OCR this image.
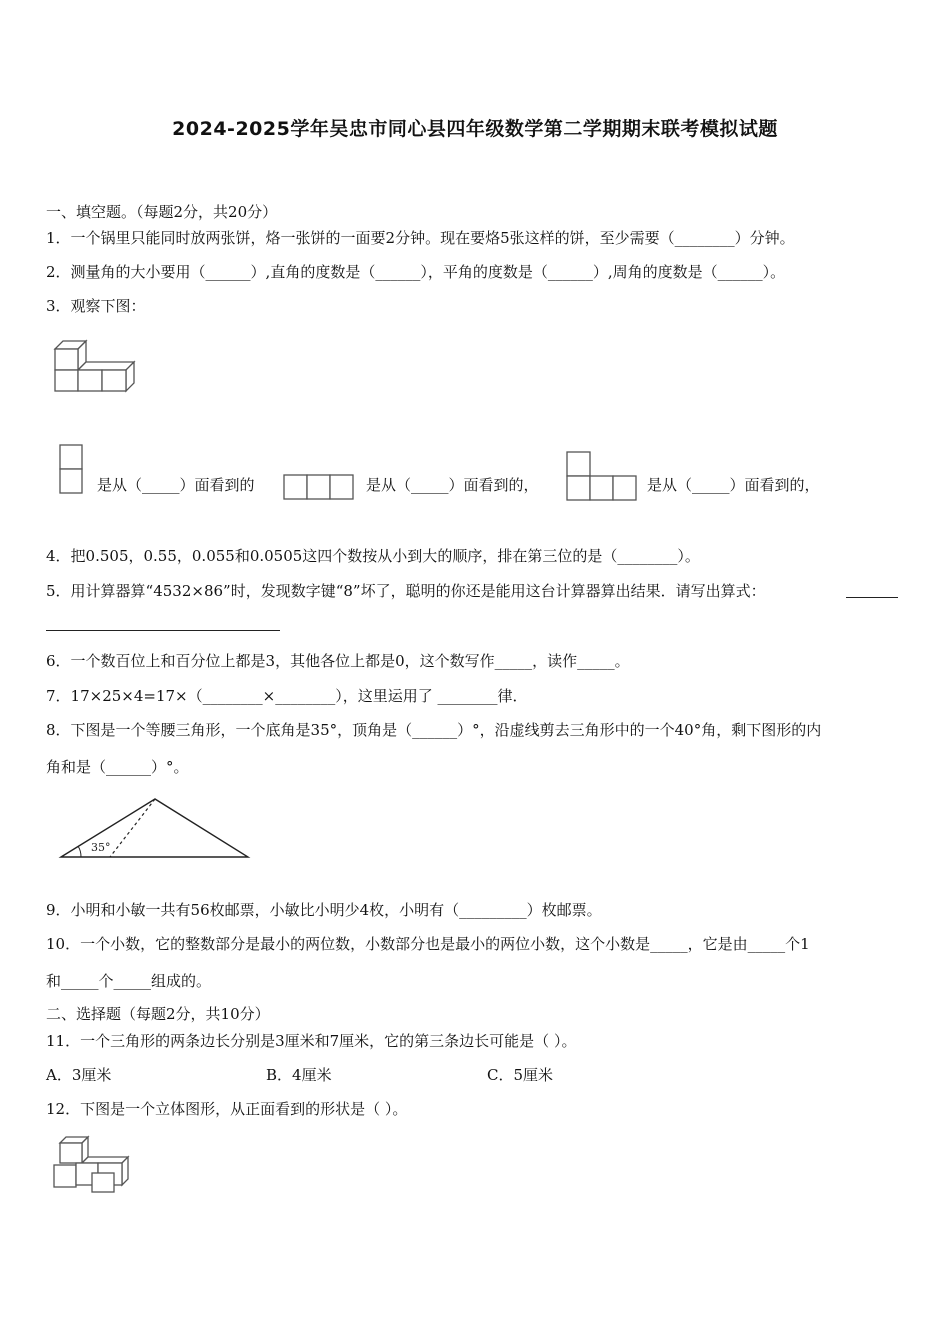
2024-2025学年吴忠市同心县四年级数学第二学期期末联考模拟试题
一、填空题。（每题2分，共20分）
1．一个锅里只能同时放两张饼，烙一张饼的一面要2分钟。现在要烙5张这样的饼，至少需要（________）分钟。
2．测量角的大小要用（______）,直角的度数是（______），平角的度数是（______）,周角的度数是（______）。
3．观察下图：
是从（_____）面看到的	是从（_____）面看到的，	是从（_____）面看到的，
4．把0.505，0.55，0.055和0.0505这四个数按从小到大的顺序，排在第三位的是（________）。
5．用计算器算“4532×86”时，发现数字键“8”坏了，聪明的你还是能用这台计算器算出结果．请写出算式：
6．一个数百位上和百分位上都是3，其他各位上都是0，这个数写作_____，读作_____。
7．17×25×4=17×（________×________），这里运用了 ________律．
8．下图是一个等腰三角形，一个底角是35°，顶角是（______）°，沿虚线剪去三角形中的一个40°角，剩下图形的内
角和是（______）°。
35°
9．小明和小敏一共有56枚邮票，小敏比小明少4枚，小明有（_________）枚邮票。
10．一个小数，它的整数部分是最小的两位数，小数部分也是最小的两位小数，这个小数是_____，它是由_____个1
和_____个_____组成的。
二、选择题（每题2分，共10分）
11．一个三角形的两条边长分别是3厘米和7厘米，它的第三条边长可能是（ ）。
A．3厘米	B．4厘米	C．5厘米
12．下图是一个立体图形，从正面看到的形状是（ ）。
